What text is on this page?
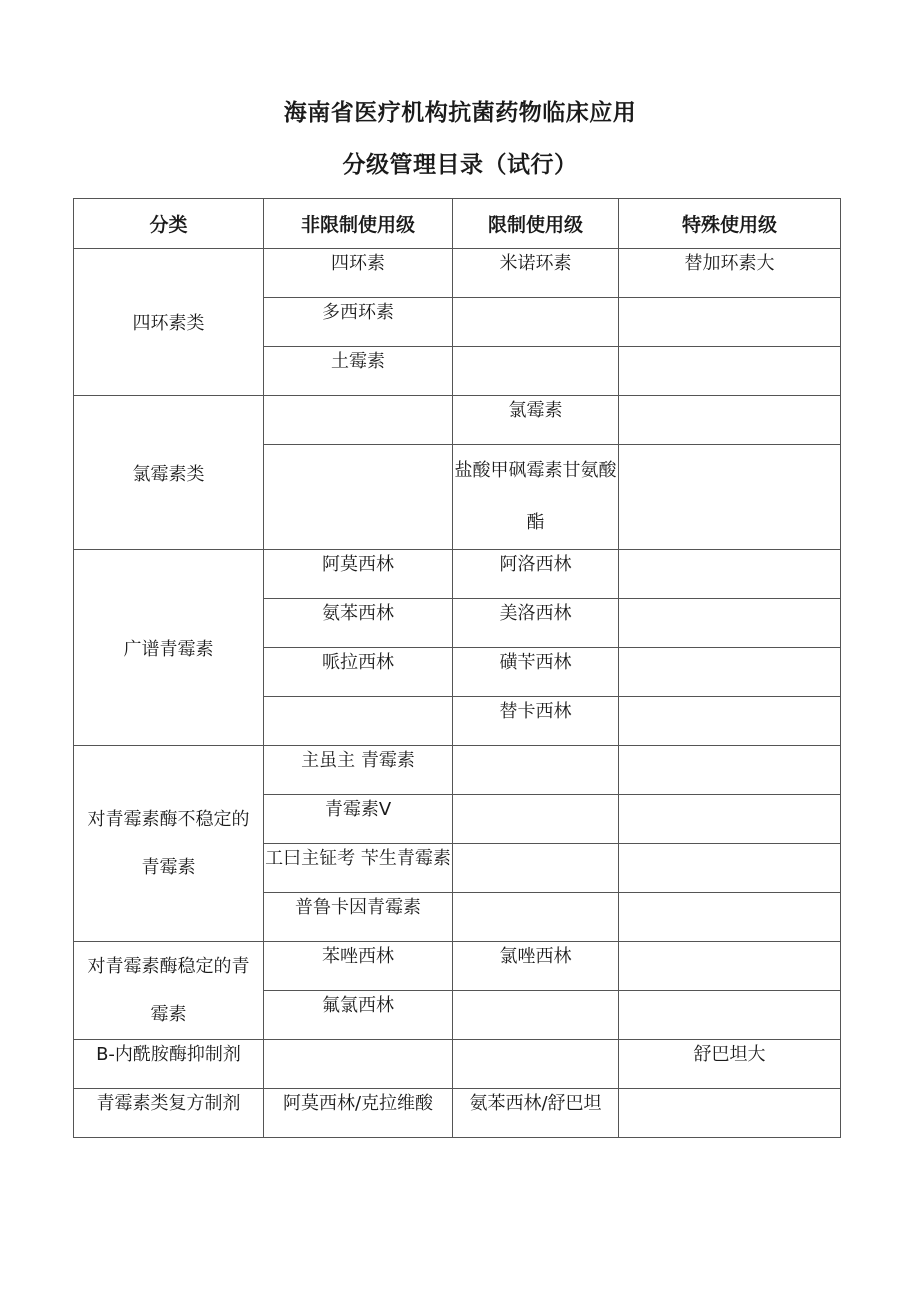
海南省医疗机构抗菌药物临床应用
分级管理目录（试行）
分类	非限制使用级	限制使用级	特殊使用级
四环素类	四环素	米诺环素	替加环素大
	多西环素		
	土霉素		
氯霉素类		氯霉素	
		盐酸甲砜霉素甘氨酸酯	
广谱青霉素	阿莫西林	阿洛西林	
	氨苯西林	美洛西林	
	哌拉西林	磺苄西林	
		替卡西林	
对青霉素酶不稳定的青霉素	主虽主 青霉素		
	青霉素V		
	工曰主钲考 苄生青霉素		
	普鲁卡因青霉素		
对青霉素酶稳定的青霉素	苯唑西林	氯唑西林	
	氟氯西林		
B-内酰胺酶抑制剂			舒巴坦大
青霉素类复方制剂	阿莫西林/克拉维酸	氨苯西林/舒巴坦	
